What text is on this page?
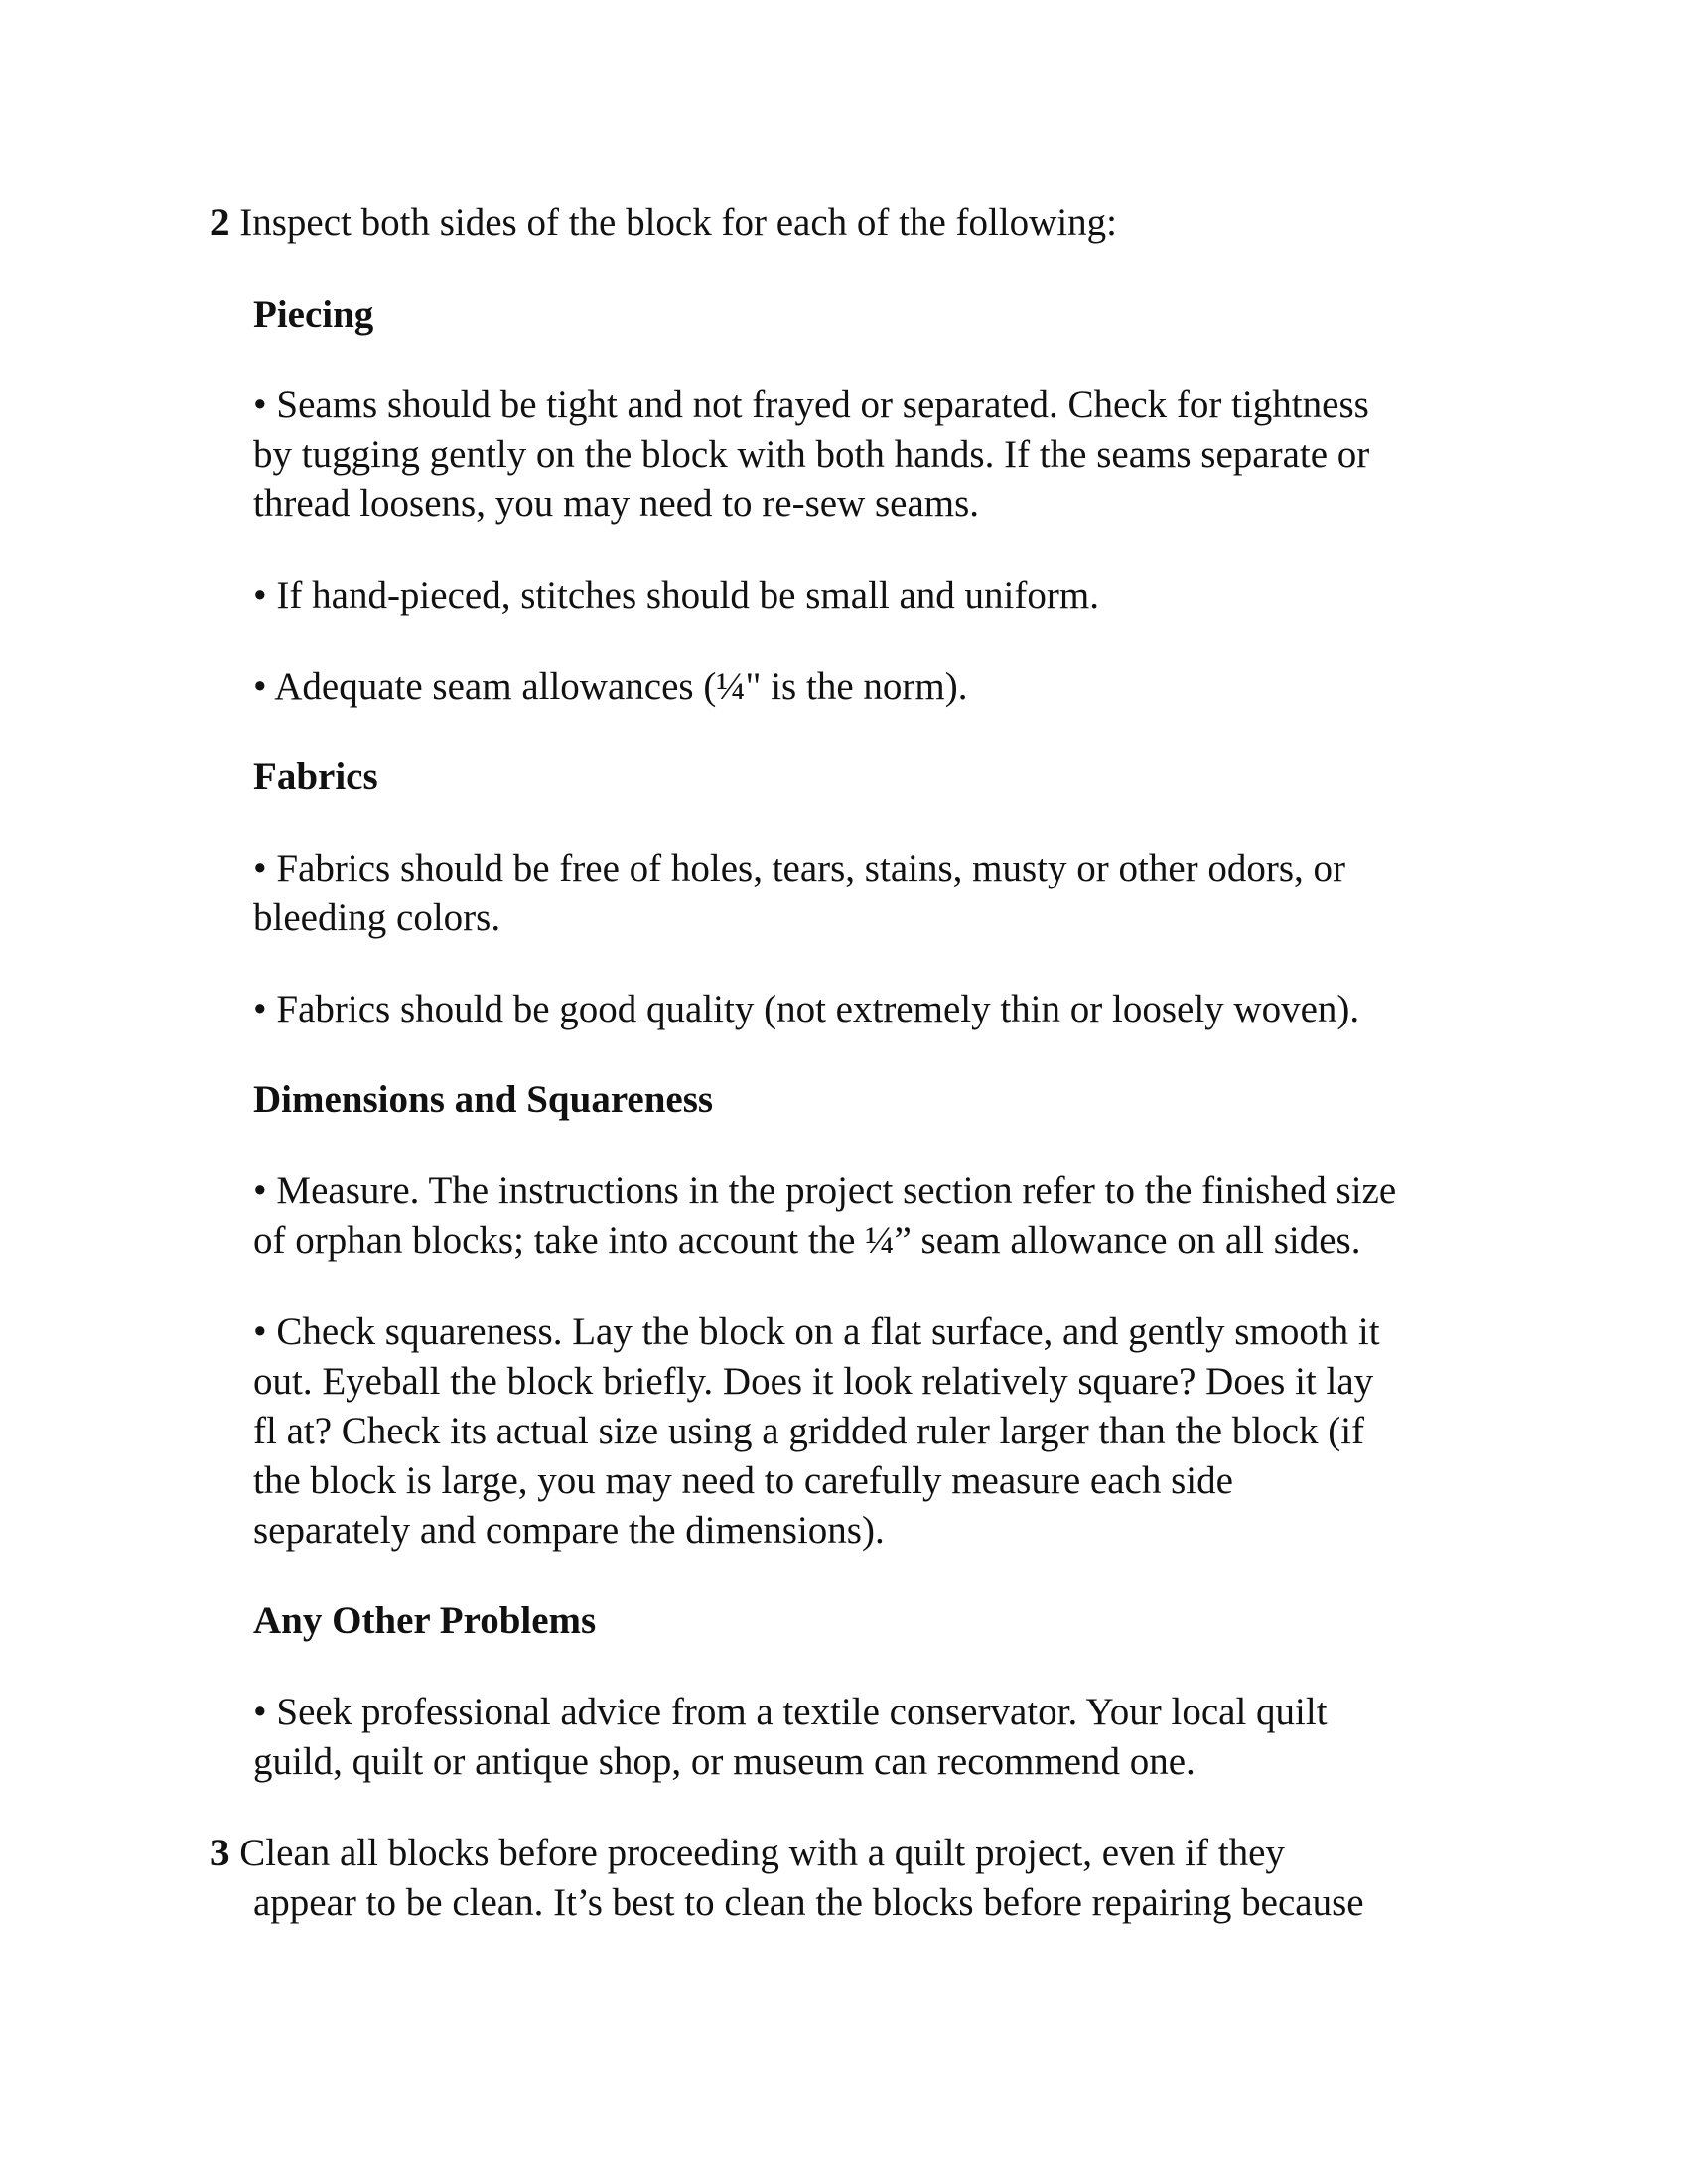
2 Inspect both sides of the block for each of the following:
Piecing
• Seams should be tight and not frayed or separated. Check for tightness
by tugging gently on the block with both hands. If the seams separate or
thread loosens, you may need to re-sew seams.
• If hand-pieced, stitches should be small and uniform.
• Adequate seam allowances (¼" is the norm).
Fabrics
• Fabrics should be free of holes, tears, stains, musty or other odors, or
bleeding colors.
• Fabrics should be good quality (not extremely thin or loosely woven).
Dimensions and Squareness
• Measure. The instructions in the project section refer to the finished size
of orphan blocks; take into account the ¼” seam allowance on all sides.
• Check squareness. Lay the block on a flat surface, and gently smooth it
out. Eyeball the block briefly. Does it look relatively square? Does it lay
fl at? Check its actual size using a gridded ruler larger than the block (if
the block is large, you may need to carefully measure each side
separately and compare the dimensions).
Any Other Problems
• Seek professional advice from a textile conservator. Your local quilt
guild, quilt or antique shop, or museum can recommend one.
3 Clean all blocks before proceeding with a quilt project, even if they
appear to be clean. It’s best to clean the blocks before repairing because
